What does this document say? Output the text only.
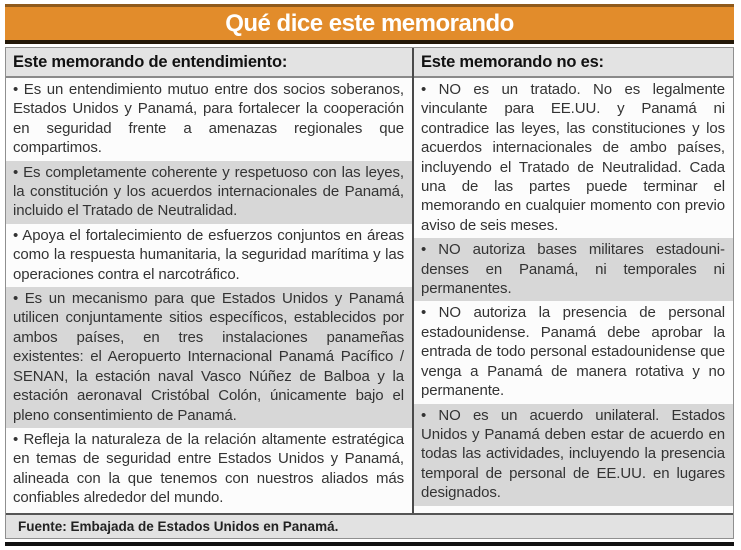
Qué dice este memorando
Este memorando de entendimiento:
• Es un entendimiento mutuo entre dos socios soberanos, Estados Unidos y Panamá, para fortalecer la cooperación en seguridad frente a amenazas regionales que compartimos.
• Es completamente coherente y respetuoso con las leyes, la constitución y los acuerdos internacionales de Panamá, incluido el Tratado de Neutralidad.
• Apoya el fortalecimiento de esfuerzos conjuntos en áreas como la respuesta humanitaria, la seguridad marítima y las operaciones contra el narcotráfico.
• Es un mecanismo para que Estados Unidos y Panamá utilicen conjuntamente sitios específicos, establecidos por ambos países, en tres instalaciones panameñas existentes: el Aeropuerto Internacional Panamá Pacífico / SENAN, la estación naval Vasco Núñez de Balboa y la estación aeronaval Cristóbal Colón, únicamente bajo el pleno consentimiento de Panamá.
• Refleja la naturaleza de la relación altamente estratégica en temas de seguridad entre Estados Unidos y Panamá, alineada con la que tenemos con nuestros aliados más confiables alrededor del mundo.
Este memorando no es:
• NO es un tratado. No es legalmente vinculante para EE.UU. y Panamá ni contradice las leyes, las constituciones y los acuerdos internacionales de ambo países, incluyendo el Tratado de Neutralidad. Cada una de las partes puede terminar el memorando en cualquier momento con previo aviso de seis meses.
• NO autoriza bases militares estadounidenses en Panamá, ni temporales ni permanentes.
• NO autoriza la presencia de personal estadounidense. Panamá debe aprobar la entrada de todo personal estadounidense que venga a Panamá de manera rotativa y no permanente.
• NO es un acuerdo unilateral. Estados Unidos y Panamá deben estar de acuerdo en todas las actividades, incluyendo la presencia temporal de personal de EE.UU. en lugares designados.
Fuente: Embajada de Estados Unidos en Panamá.
